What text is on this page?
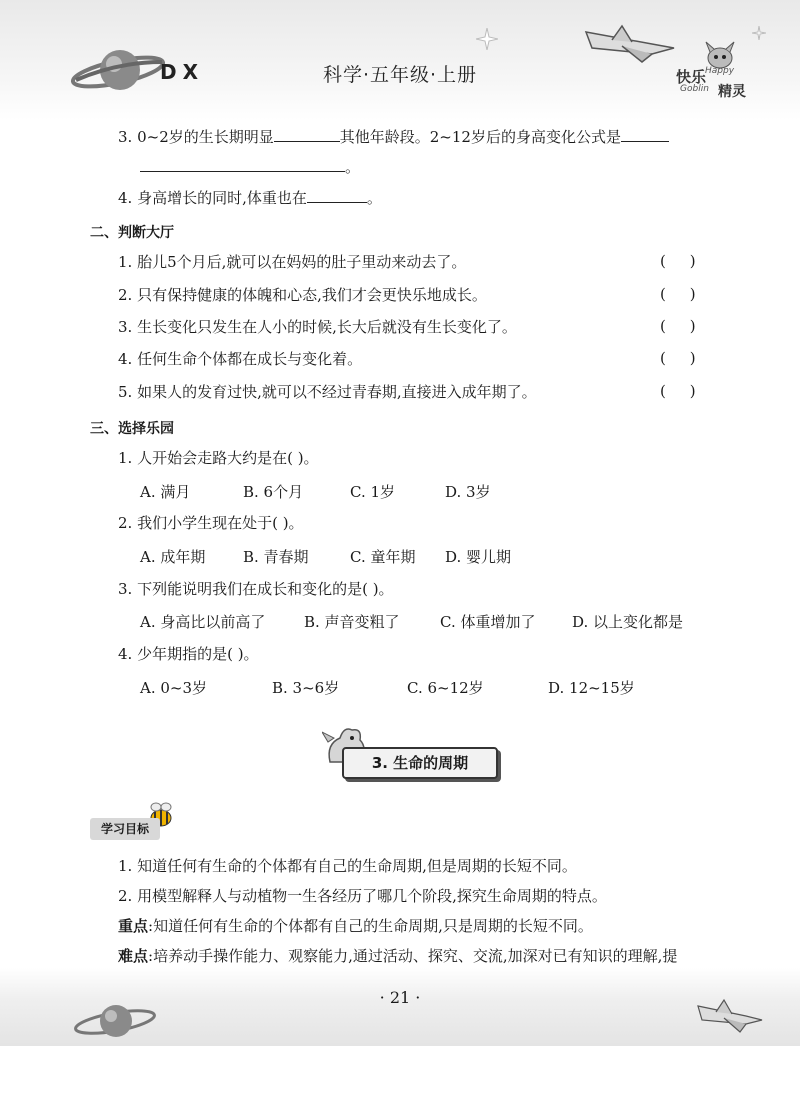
DX	科学·五年级·上册	快乐
Happy
Goblin 精灵
3. 0~2岁的生长期明显	其他年龄段。2~12岁后的身高变化公式是
。
4. 身高增长的同时,体重也在	。
二、判断大厅
1. 胎儿5个月后,就可以在妈妈的肚子里动来动去了。	(     )
2. 只有保持健康的体魄和心态,我们才会更快乐地成长。	(     )
3. 生长变化只发生在人小的时候,长大后就没有生长变化了。	(     )
4. 任何生命个体都在成长与变化着。	(     )
5. 如果人的发育过快,就可以不经过青春期,直接进入成年期了。	(     )
三、选择乐园
1. 人开始会走路大约是在( )。
A. 满月	B. 6个月	C. 1岁	D. 3岁
2. 我们小学生现在处于( )。
A. 成年期	B. 青春期	C. 童年期 D. 婴儿期
3. 下列能说明我们在成长和变化的是( )。
A. 身高比以前高了	B. 声音变粗了	C. 体重增加了 D. 以上变化都是
4. 少年期指的是( )。
A. 0~3岁	B. 3~6岁	C. 6~12岁	D. 12~15岁
3. 生命的周期
学习目标
1. 知道任何有生命的个体都有自己的生命周期,但是周期的长短不同。
2. 用模型解释人与动植物一生各经历了哪几个阶段,探究生命周期的特点。
重点:知道任何有生命的个体都有自己的生命周期,只是周期的长短不同。
难点:培养动手操作能力、观察能力,通过活动、探究、交流,加深对已有知识的理解,提
· 21 ·
